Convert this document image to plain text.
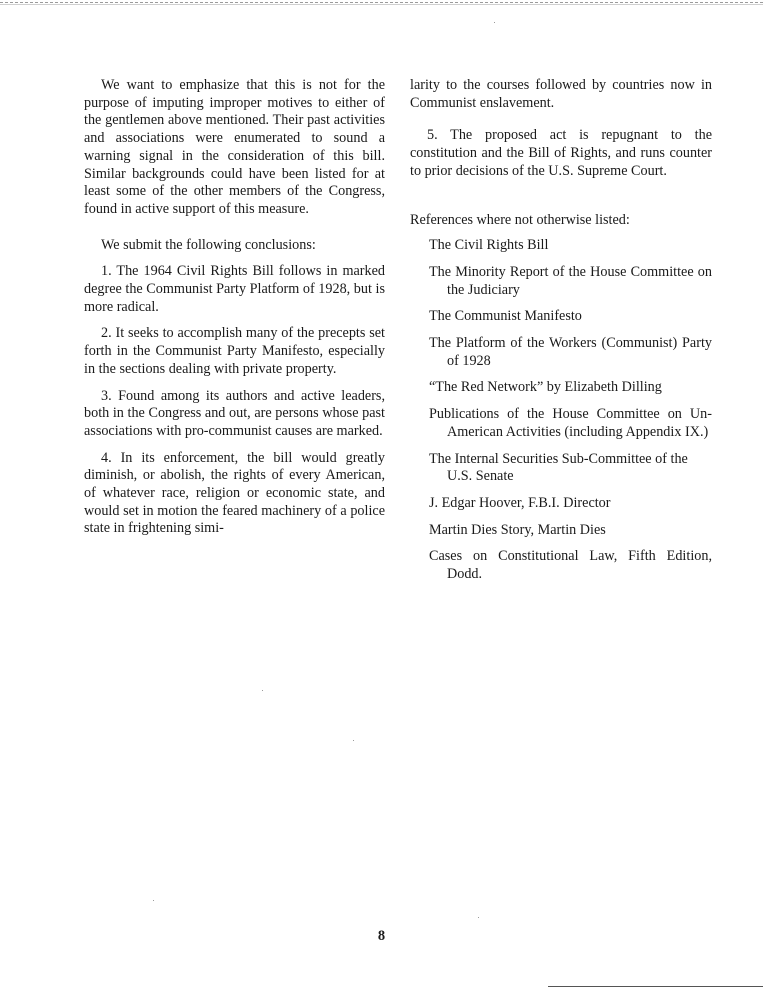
We want to emphasize that this is not for the purpose of imputing improper motives to either of the gentlemen above mentioned. Their past activities and associations were enumerated to sound a warning signal in the consideration of this bill. Similar backgrounds could have been listed for at least some of the other members of the Congress, found in active support of this measure.

We submit the following conclusions:

1. The 1964 Civil Rights Bill follows in marked degree the Communist Party Platform of 1928, but is more radical.

2. It seeks to accomplish many of the precepts set forth in the Communist Party Manifesto, especially in the sections dealing with private property.

3. Found among its authors and active leaders, both in the Congress and out, are persons whose past associations with pro-communist causes are marked.

4. In its enforcement, the bill would greatly diminish, or abolish, the rights of every American, of whatever race, religion or economic state, and would set in motion the feared machinery of a police state in frightening simi-

larity to the courses followed by countries now in Communist enslavement.

5. The proposed act is repugnant to the constitution and the Bill of Rights, and runs counter to prior decisions of the U.S. Supreme Court.

References where not otherwise listed:

The Civil Rights Bill
The Minority Report of the House Committee on the Judiciary
The Communist Manifesto
The Platform of the Workers (Communist) Party of 1928
“The Red Network” by Elizabeth Dilling
Publications of the House Committee on Un-American Activities (including Appendix IX.)
The Internal Securities Sub-Committee of the U.S. Senate
J. Edgar Hoover, F.B.I. Director
Martin Dies Story, Martin Dies
Cases on Constitutional Law, Fifth Edition, Dodd.
8
